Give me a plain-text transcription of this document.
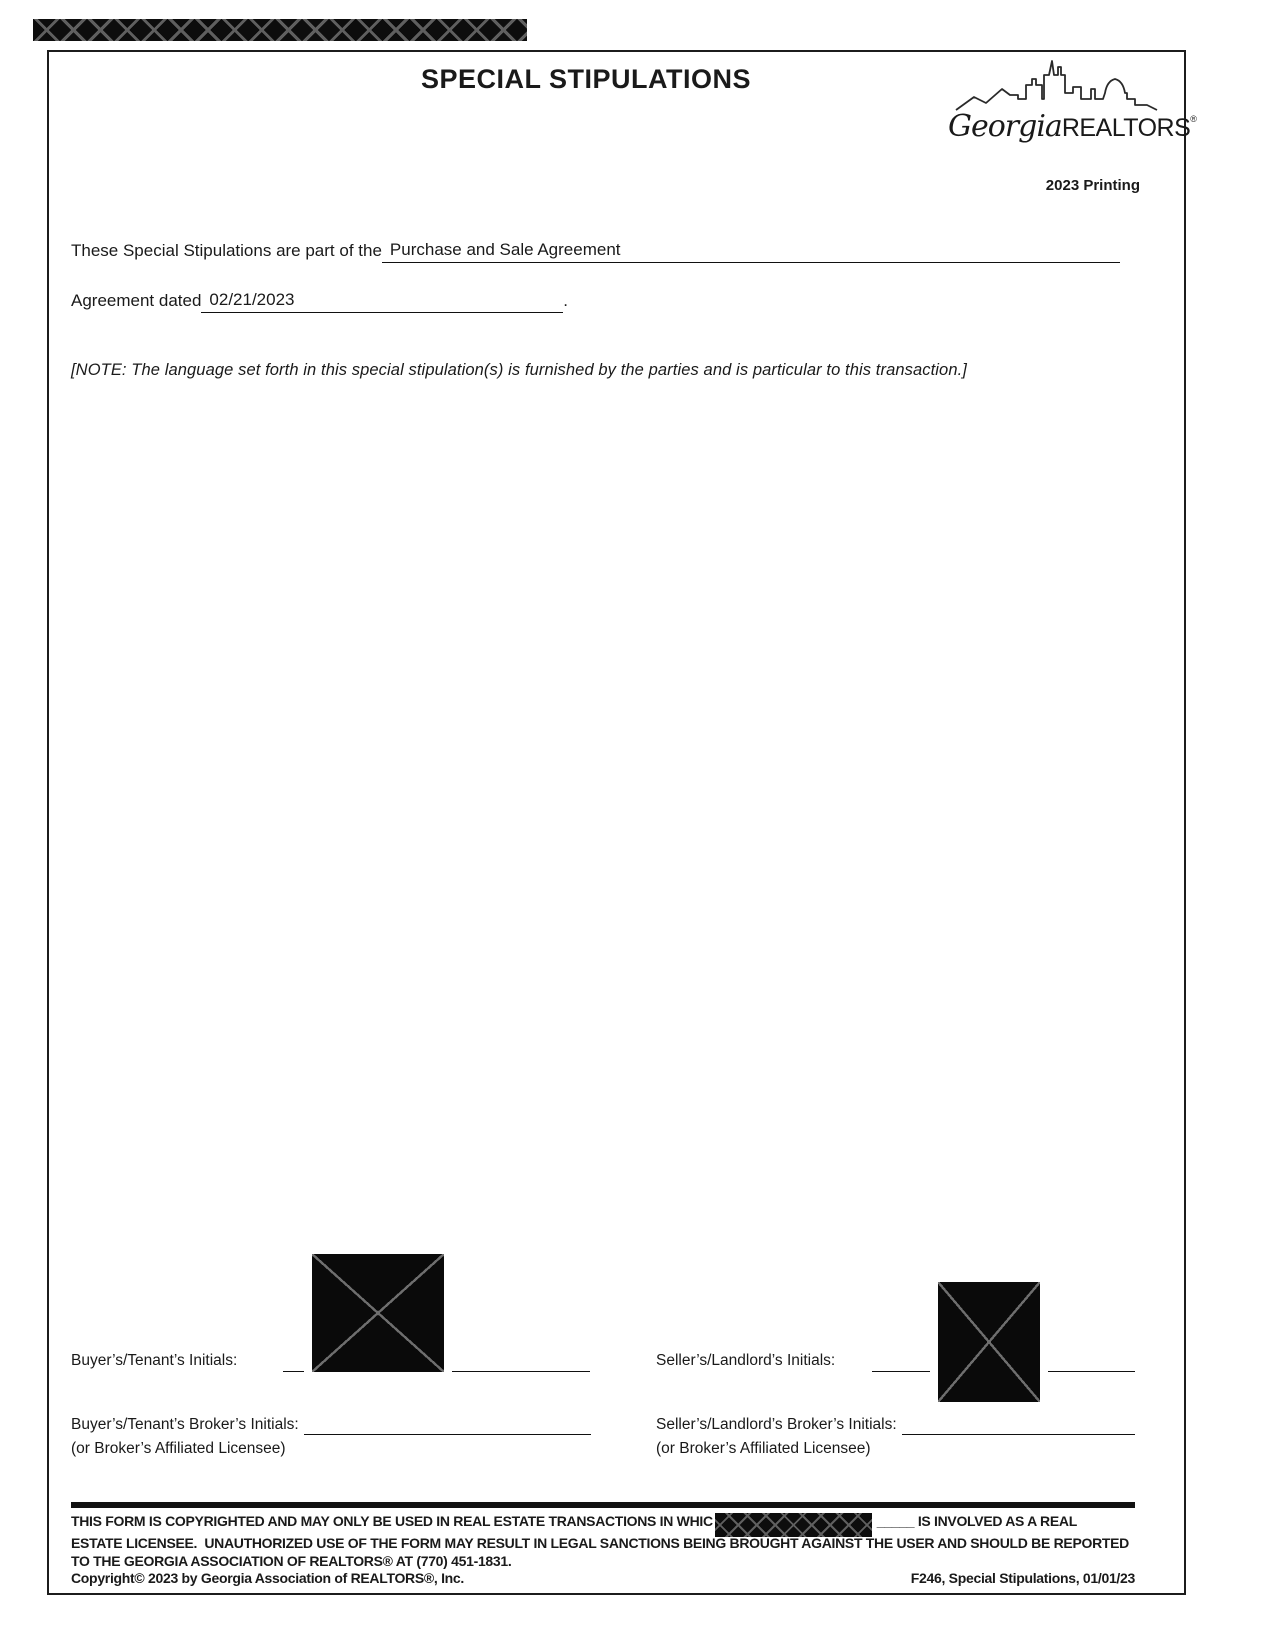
SPECIAL STIPULATIONS
GeorgiaREALTORS®
2023 Printing
These Special Stipulations are part of the Purchase and Sale Agreement
Agreement dated 02/21/2023	.
[NOTE: The language set forth in this special stipulation(s) is furnished by the parties and is particular to this transaction.]
Buyer’s/Tenant’s Initials:	Seller’s/Landlord’s Initials:
Buyer’s/Tenant’s Broker’s Initials:
(or Broker’s Affiliated Licensee)
Seller’s/Landlord’s Broker’s Initials:
(or Broker’s Affiliated Licensee)
THIS FORM IS COPYRIGHTED AND MAY ONLY BE USED IN REAL ESTATE TRANSACTIONS IN WHIC	_____ IS INVOLVED AS A REAL
ESTATE LICENSEE.  UNAUTHORIZED USE OF THE FORM MAY RESULT IN LEGAL SANCTIONS BEING BROUGHT AGAINST THE USER AND SHOULD BE REPORTED
TO THE GEORGIA ASSOCIATION OF REALTORS® AT (770) 451-1831.
Copyright© 2023 by Georgia Association of REALTORS®, Inc.	F246, Special Stipulations, 01/01/23
